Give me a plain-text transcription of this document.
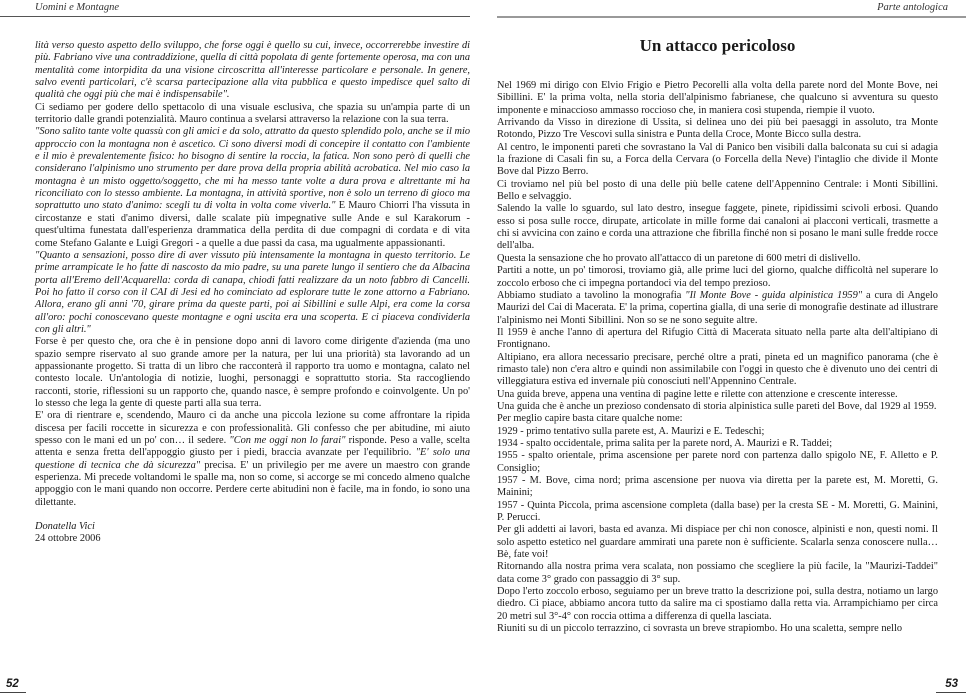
Uomini e Montagne

lità verso questo aspetto dello sviluppo, che forse oggi è quello su cui, invece, occorrerebbe investire di più. Fabriano vive una contraddizione, quella di città popolata di gente fortemente operosa, ma con una mentalità come intorpidita da una visione circoscritta all'interesse particolare e personale. In genere, salvo eventi particolari, c'è scarsa partecipazione alla vita pubblica e questo impedisce quel salto di qualità che oggi più che mai è indispensabile".

Ci sediamo per godere dello spettacolo di una visuale esclusiva, che spazia su un'ampia parte di un territorio dalle grandi potenzialità. Mauro continua a svelarsi attraverso la relazione con la sua terra.

"Sono salito tante volte quassù con gli amici e da solo, attratto da questo splendido polo, anche se il mio approccio con la montagna non è ascetico. Ci sono diversi modi di concepire il contatto con l'ambiente e il mio è prevalentemente fisico: ho bisogno di sentire la roccia, la fatica. Non sono però di quelli che considerano l'alpinismo uno strumento per dare prova della propria abilità acrobatica. Nel mio caso la montagna è un misto oggetto/soggetto, che mi ha messo tante volte a dura prova e altrettante mi ha riconciliato con lo stesso ambiente. La montagna, in attività sportive, non è solo un terreno di gioco ma soprattutto uno stato d'animo: scegli tu di volta in volta come viverla." E Mauro Chiorri l'ha vissuta in circostanze e stati d'animo diversi, dalle scalate più impegnative sulle Ande e sul Karakorum - quest'ultima funestata dall'esperienza drammatica della perdita di due compagni di cordata e di vita come Stefano Galante e Luigi Gregori - a quelle a due passi da casa, ma ugualmente appassionanti.

"Quanto a sensazioni, posso dire di aver vissuto più intensamente la montagna in questo territorio. Le prime arrampicate le ho fatte di nascosto da mio padre, su una parete lungo il sentiero che da Albacina porta all'Eremo dell'Acquarella: corda di canapa, chiodi fatti realizzare da un noto fabbro di Cancelli. Poi ho fatto il corso con il CAI di Jesi ed ho cominciato ad esplorare tutte le zone attorno a Fabriano. Allora, erano gli anni '70, girare prima da queste parti, poi ai Sibillini e sulle Alpi, era come la corsa all'oro: pochi conoscevano queste montagne e ogni uscita era una scoperta. E ci piaceva condividerla con gli altri."

Forse è per questo che, ora che è in pensione dopo anni di lavoro come dirigente d'azienda (ma uno spazio sempre riservato al suo grande amore per la natura, per lui una priorità) sta lavorando ad un appassionante progetto. Si tratta di un libro che racconterà il rapporto tra uomo e montagna, calato nel contesto locale. Un'antologia di notizie, luoghi, personaggi e soprattutto storia. Sta raccogliendo racconti, storie, riflessioni su un rapporto che, quando nasce, è sempre profondo e coinvolgente. Un po' lo stesso che lega la gente di queste parti alla sua terra.

E' ora di rientrare e, scendendo, Mauro ci da anche una piccola lezione su come affrontare la ripida discesa per facili roccette in sicurezza e con professionalità. Gli confesso che per abitudine, mi aiuto spesso con le mani ed un po' con… il sedere. "Con me oggi non lo farai" risponde. Peso a valle, scelta attenta e senza fretta dell'appoggio giusto per i piedi, braccia avanzate per l'equilibrio. "E' solo una questione di tecnica che dà sicurezza" precisa. E' un privilegio per me avere un maestro con grande esperienza. Mi precede voltandomi le spalle ma, non so come, si accorge se mi concedo almeno qualche appoggio con le mani quando non occorre. Perdere certe abitudini non è facile, ma in fondo, io sono una dilettante.

Donatella Vici

24 ottobre 2006

52
Parte antologica
Un attacco pericoloso

Nel 1969 mi dirigo con Elvio Frigio e Pietro Pecorelli alla volta della parete nord del Monte Bove, nei Sibillini. E' la prima volta, nella storia dell'alpinismo fabrianese, che qualcuno si avventura su questo imponente e minaccioso ammasso roccioso che, in maniera così stupenda, riempie il vuoto.

Arrivando da Visso in direzione di Ussita, si delinea uno dei più bei paesaggi in assoluto, tra Monte Rotondo, Pizzo Tre Vescovi sulla sinistra e Punta della Croce, Monte Bicco sulla destra.

Al centro, le imponenti pareti che sovrastano la Val di Panico ben visibili dalla balconata su cui si adagia la frazione di Casali fin su, a Forca della Cervara (o Forcella della Neve) l'intaglio che divide il Monte Bove dal Pizzo Berro.

Ci troviamo nel più bel posto di una delle più belle catene dell'Appennino Centrale: i Monti Sibillini. Bello e selvaggio.

Salendo la valle lo sguardo, sul lato destro, insegue faggete, pinete, ripidissimi scivoli erbosi. Quando esso si posa sulle rocce, dirupate, articolate in mille forme dai canaloni ai placconi verticali, trasmette a chi si avvicina con zaino e corda una attrazione che fibrilla finché non si posano le mani sulle fredde rocce dell'alba.

Questa la sensazione che ho provato all'attacco di un paretone di 600 metri di dislivello.

Partiti a notte, un po' timorosi, troviamo già, alle prime luci del giorno, qualche difficoltà nel superare lo zoccolo erboso che ci impegna portandoci via del tempo prezioso.

Abbiamo studiato a tavolino la monografia "Il Monte Bove - guida alpinistica 1959" a cura di Angelo Maurizi del Cai di Macerata. E' la prima, copertina gialla, di una serie di monografie destinate ad illustrare l'alpinismo nei Monti Sibillini. Non so se ne sono seguite altre.

Il 1959 è anche l'anno di apertura del Rifugio Città di Macerata situato nella parte alta dell'altipiano di Frontignano.

Altipiano, era allora necessario precisare, perché oltre a prati, pineta ed un magnifico panorama (che è rimasto tale) non c'era altro e quindi non assimilabile con l'oggi in questo che è divenuto uno dei centri di villeggiatura estiva ed invernale più conosciuti nell'Appennino Centrale.

Una guida breve, appena una ventina di pagine lette e rilette con attenzione e crescente interesse.

Una guida che è anche un prezioso condensato di storia alpinistica sulle pareti del Bove, dal 1929 al 1959.

Per meglio capire basta citare qualche nome:

1929 - primo tentativo sulla parete est, A. Maurizi e E. Tedeschi;

1934 - spalto occidentale, prima salita per la parete nord, A. Maurizi e R. Taddei;

1955 - spalto orientale, prima ascensione per parete nord con partenza dallo spigolo NE, F. Alletto e P. Consiglio;

1957 - M. Bove, cima nord; prima ascensione per nuova via diretta per la parete est, M. Moretti, G. Mainini;

1957 - Quinta Piccola, prima ascensione completa (dalla base) per la cresta SE - M. Moretti, G. Mainini, P. Perucci.

Per gli addetti ai lavori, basta ed avanza. Mi dispiace per chi non conosce, alpinisti e non, questi nomi. Il solo aspetto estetico nel guardare ammirati una parete non è sufficiente. Scalarla senza conoscere nulla… Bè, fate voi!

Ritornando alla nostra prima vera scalata, non possiamo che scegliere la più facile, la "Maurizi-Taddei" data come 3° grado con passaggio di 3° sup.

Dopo l'erto zoccolo erboso, seguiamo per un breve tratto la descrizione poi, sulla destra, notiamo un largo diedro. Ci piace, abbiamo ancora tutto da salire ma ci spostiamo dalla retta via. Arrampichiamo per circa 20 metri sul 3°-4° con roccia ottima a differenza di quella lasciata.

Riuniti su di un piccolo terrazzino, ci sovrasta un breve strapiombo. Ho una scaletta, sempre nello

53
